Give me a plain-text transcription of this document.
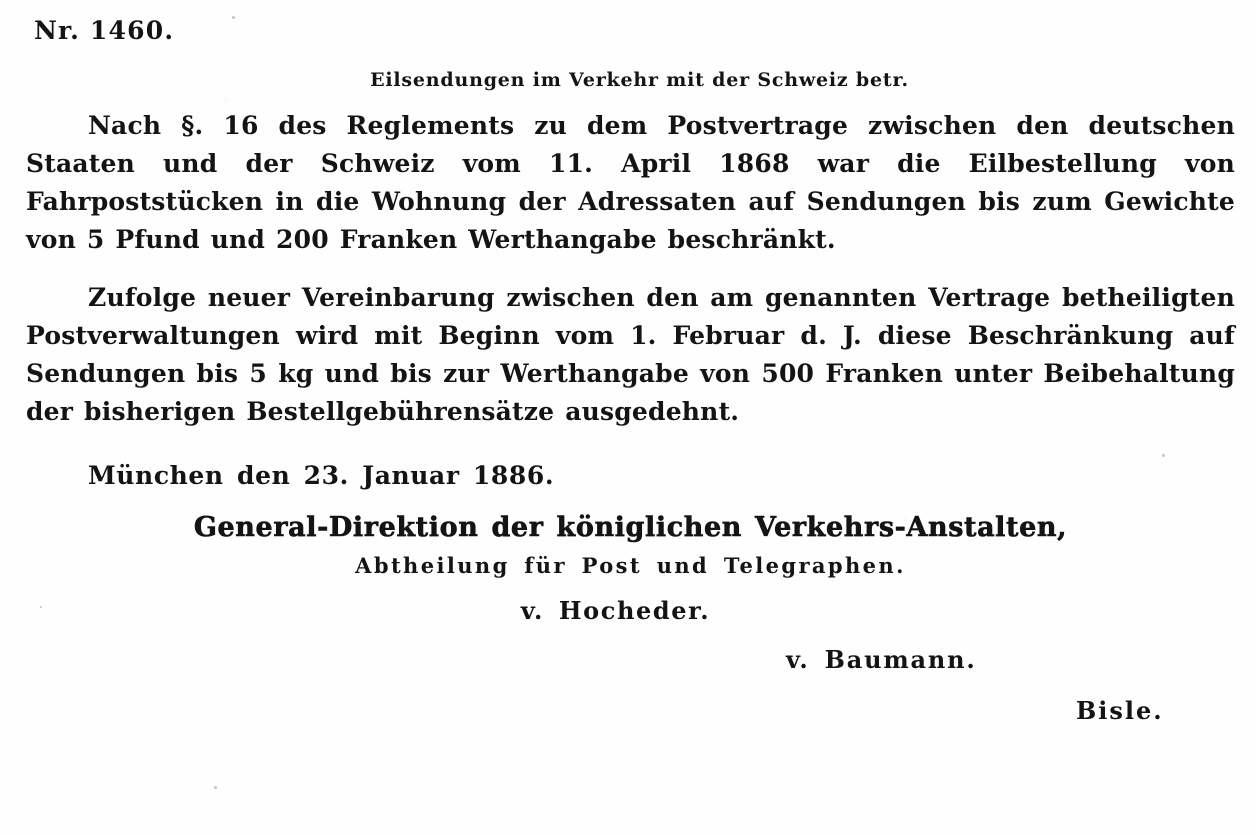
Nr. 1460.
Eilsendungen im Verkehr mit der Schweiz betr.
Nach §. 16 des Reglements zu dem Postvertrage zwischen den deutschen Staaten und der Schweiz vom 11. April 1868 war die Eilbestellung von Fahrpoststücken in die Wohnung der Adressaten auf Sendungen bis zum Gewichte von 5 Pfund und 200 Franken Werthangabe beschränkt.
Zufolge neuer Vereinbarung zwischen den am genannten Vertrage betheiligten Postverwaltungen wird mit Beginn vom 1. Februar d. J. diese Beschränkung auf Sendungen bis 5 kg und bis zur Werthangabe von 500 Franken unter Beibehaltung der bisherigen Bestellgebührensätze ausgedehnt.
München den 23. Januar 1886.
General-Direktion der königlichen Verkehrs-Anstalten,
Abtheilung für Post und Telegraphen.
v. Hocheder.
v. Baumann.
Bisle.
